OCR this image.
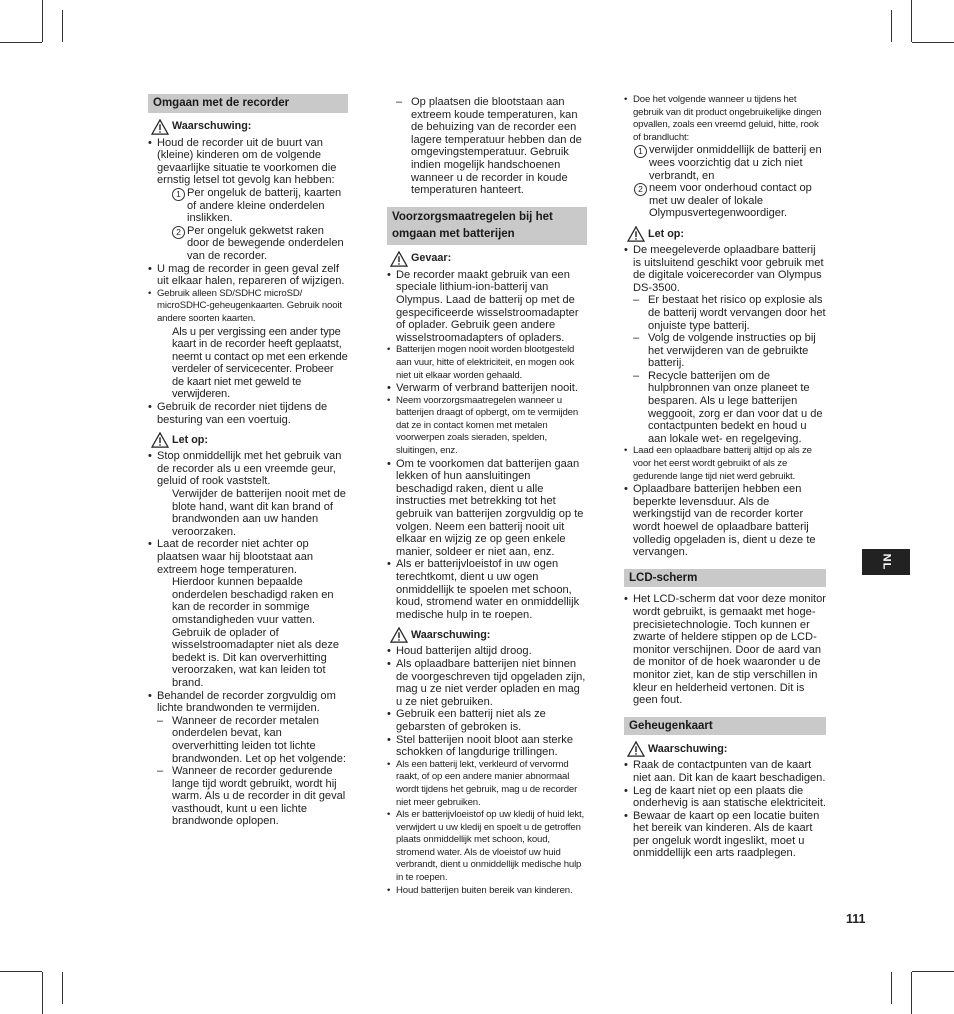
Omgaan met de recorder
Waarschuwing:
• Houd de recorder uit de buurt van (kleine) kinderen om de volgende gevaarlijke situatie te voorkomen die ernstig letsel tot gevolg kan hebben:
1 Per ongeluk de batterij, kaarten of andere kleine onderdelen inslikken.
2 Per ongeluk gekwetst raken door de bewegende onderdelen van de recorder.
• U mag de recorder in geen geval zelf uit elkaar halen, repareren of wijzigen.
• Gebruik alleen SD/SDHC microSD/ microSDHC-geheugenkaarten. Gebruik nooit andere soorten kaarten.
Als u per vergissing een ander type kaart in de recorder heeft geplaatst, neemt u contact op met een erkende verdeler of servicecenter. Probeer de kaart niet met geweld te verwijderen.
• Gebruik de recorder niet tijdens de besturing van een voertuig.
Let op:
• Stop onmiddellijk met het gebruik van de recorder als u een vreemde geur, geluid of rook vaststelt.
Verwijder de batterijen nooit met de blote hand, want dit kan brand of brandwonden aan uw handen veroorzaken.
• Laat de recorder niet achter op plaatsen waar hij blootstaat aan extreem hoge temperaturen.
Hierdoor kunnen bepaalde onderdelen beschadigd raken en kan de recorder in sommige omstandigheden vuur vatten. Gebruik de oplader of wisselstroomadapter niet als deze bedekt is. Dit kan oververhitting veroorzaken, wat kan leiden tot brand.
• Behandel de recorder zorgvuldig om lichte brandwonden te vermijden.
– Wanneer de recorder metalen onderdelen bevat, kan oververhitting leiden tot lichte brandwonden. Let op het volgende:
– Wanneer de recorder gedurende lange tijd wordt gebruikt, wordt hij warm. Als u de recorder in dit geval vasthoudt, kunt u een lichte brandwonde oplopen.
– Op plaatsen die blootstaan aan extreem koude temperaturen, kan de behuizing van de recorder een lagere temperatuur hebben dan de omgevingstemperatuur. Gebruik indien mogelijk handschoenen wanneer u de recorder in koude temperaturen hanteert.
Voorzorgsmaatregelen bij het omgaan met batterijen
Gevaar:
• De recorder maakt gebruik van een speciale lithium-ion-batterij van Olympus. Laad de batterij op met de gespecificeerde wisselstroomadapter of oplader. Gebruik geen andere wisselstroomadapters of opladers.
• Batterijen mogen nooit worden blootgesteld aan vuur, hitte of elektriciteit, en mogen ook niet uit elkaar worden gehaald.
• Verwarm of verbrand batterijen nooit.
• Neem voorzorgsmaatregelen wanneer u batterijen draagt of opbergt, om te vermijden dat ze in contact komen met metalen voorwerpen zoals sieraden, spelden, sluitingen, enz.
• Om te voorkomen dat batterijen gaan lekken of hun aansluitingen beschadigd raken, dient u alle instructies met betrekking tot het gebruik van batterijen zorgvuldig op te volgen. Neem een batterij nooit uit elkaar en wijzig ze op geen enkele manier, soldeer er niet aan, enz.
• Als er batterijvloeistof in uw ogen terechtkomt, dient u uw ogen onmiddellijk te spoelen met schoon, koud, stromend water en onmiddellijk medische hulp in te roepen.
Waarschuwing:
• Houd batterijen altijd droog.
• Als oplaadbare batterijen niet binnen de voorgeschreven tijd opgeladen zijn, mag u ze niet verder opladen en mag u ze niet gebruiken.
• Gebruik een batterij niet als ze gebarsten of gebroken is.
• Stel batterijen nooit bloot aan sterke schokken of langdurige trillingen.
• Als een batterij lekt, verkleurd of vervormd raakt, of op een andere manier abnormaal wordt tijdens het gebruik, mag u de recorder niet meer gebruiken.
• Als er batterijvloeistof op uw kledij of huid lekt, verwijdert u uw kledij en spoelt u de getroffen plaats onmiddellijk met schoon, koud, stromend water. Als de vloeistof uw huid verbrandt, dient u onmiddellijk medische hulp in te roepen.
• Houd batterijen buiten bereik van kinderen.
• Doe het volgende wanneer u tijdens het gebruik van dit product ongebruikelijke dingen opvallen, zoals een vreemd geluid, hitte, rook of brandlucht:
1 verwijder onmiddellijk de batterij en wees voorzichtig dat u zich niet verbrandt, en
2 neem voor onderhoud contact op met uw dealer of lokale Olympusvertegenwoordiger.
Let op:
• De meegeleverde oplaadbare batterij is uitsluitend geschikt voor gebruik met de digitale voicerecorder van Olympus DS-3500.
– Er bestaat het risico op explosie als de batterij wordt vervangen door het onjuiste type batterij.
– Volg de volgende instructies op bij het verwijderen van de gebruikte batterij.
– Recycle batterijen om de hulpbronnen van onze planeet te besparen. Als u lege batterijen weggooit, zorg er dan voor dat u de contactpunten bedekt en houd u aan lokale wet- en regelgeving.
• Laad een oplaadbare batterij altijd op als ze voor het eerst wordt gebruikt of als ze gedurende lange tijd niet werd gebruikt.
• Oplaadbare batterijen hebben een beperkte levensduur. Als de werkingstijd van de recorder korter wordt hoewel de oplaadbare batterij volledig opgeladen is, dient u deze te vervangen.
LCD-scherm
• Het LCD-scherm dat voor deze monitor wordt gebruikt, is gemaakt met hoge-precisietechnologie. Toch kunnen er zwarte of heldere stippen op de LCD-monitor verschijnen. Door de aard van de monitor of de hoek waaronder u de monitor ziet, kan de stip verschillen in kleur en helderheid vertonen. Dit is geen fout.
Geheugenkaart
Waarschuwing:
• Raak de contactpunten van de kaart niet aan. Dit kan de kaart beschadigen.
• Leg de kaart niet op een plaats die onderhevig is aan statische elektriciteit.
• Bewaar de kaart op een locatie buiten het bereik van kinderen. Als de kaart per ongeluk wordt ingeslikt, moet u onmiddellijk een arts raadplegen.
NL
111
